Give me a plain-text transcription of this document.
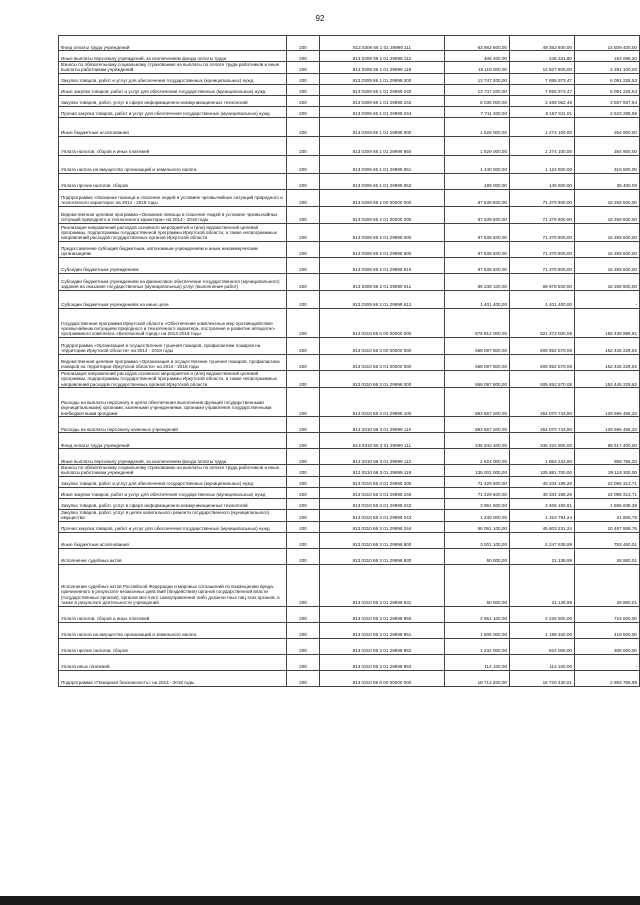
92
Фонд оплаты труда учреждений	200	813 0309 66 1 01 29999 111	63 862 600,00	49 353 600,00	14 509 400,00
Иные выплаты персоналу учреждений, за исключением фонда оплаты труда	200	813 0309 66 1 01 29999 112	408 400,00	245 331,80	163 068,20
Взносы по обязательному социальному страхованию на выплаты по оплате труда работников и иные выплаты работникам учреждений	200	813 0309 66 1 01 29999 119	19 119 000,00	14 827 900,00	4 291 100,00
Закупка товаров, работ и услуг для обеспечения государственных (муниципальных) нужд	200	813 0309 66 1 01 29999 200	13 747 200,00	7 655 973,47	6 091 226,53
Иные закупки товаров, работ и услуг для обеспечения государственных (муниципальных) нужд	200	813 0309 66 1 01 29999 240	13 747 200,00	7 655 973,47	6 091 226,53
Закупка товаров, работ, услуг в сфере информационно-коммуникационных технологий	200	813 0309 66 1 01 29999 242	6 036 000,00	2 468 062,46	3 567 937,54
Прочая закупка товаров, работ и услуг для обеспечения государственных (муниципальных) нужд	200	813 0309 66 1 01 29999 244	7 711 200,00	5 187 911,01	2 523 288,99
Иные бюджетные ассигнования	200	813 0309 66 1 01 29999 800	1 629 000,00	1 274 100,00	354 900,00
Уплата налогов, сборов и иных платежей	200	813 0309 66 1 01 29999 850	1 629 000,00	1 274 100,00	354 900,00
Уплата налога на имущество организаций и земельного налога	200	813 0309 66 1 01 29999 851	1 440 000,00	1 124 500,00	315 500,00
Уплата прочих налогов, сборов	200	813 0309 66 1 01 29999 852	189 000,00	149 600,00	39 400,00
Подпрограмма «Оказание помощи и спасение людей в условиях чрезвычайных ситуаций природного и техногенного характера» на 2014 - 2018 годы	200	813 0309 66 2 00 00000 000	87 639 500,00	71 379 900,00	16 259 600,00
Ведомственная целевая программа «Оказание помощи и спасение людей в условиях чрезвычайных ситуаций природного и техногенного характера» на 2014 - 2018 годы	200	813 0309 66 2 01 00000 000	87 639 500,00	71 379 900,00	16 259 600,00
Реализация направлений расходов основного мероприятия и (или) ведомственной целевой программы, подпрограммы государственной программы Иркутской области, а также непрограммных направлений расходов государственных органов Иркутской области	200	813 0309 66 2 01 29999 000	87 639 500,00	71 379 900,00	16 259 600,00
Предоставление субсидий бюджетным, автономным учреждениям и иным некоммерческим организациям	200	813 0309 66 2 01 29999 600	87 639 500,00	71 379 900,00	16 259 600,00
Субсидии бюджетным учреждениям	200	813 0309 66 2 01 29999 610	87 639 500,00	71 379 900,00	16 259 600,00
Субсидии бюджетным учреждениям на финансовое обеспечение государственного (муниципального) задания на оказание государственных (муниципальных) услуг (выполнение работ)	200	813 0309 66 2 01 29999 611	86 238 100,00	69 978 500,00	16 259 600,00
Субсидии бюджетным учреждениям на иные цели	200	813 0309 66 2 01 29999 612	1 401 400,00	1 401 400,00	-
Государственная программа Иркутской области «Обеспечение комплексных мер противодействия чрезвычайным ситуациям природного и техногенного характера, построение и развитие аппаратно-программного комплекса «Безопасный город» на 2014-2018 годы	200	813 0310 65 0 00 00000 000	676 812 000,00	521 373 000,09	155 438 999,91
Подпрограмма «Организация и осуществление тушения пожаров, профилактики пожаров на территории Иркутской области» на 2014 - 2018 годы	200	813 0310 66 3 00 00000 000	658 097 800,00	505 652 570,08	152 445 229,92
Ведомственная целевая программа «Организация и осуществление тушения пожаров, профилактика пожаров на территории Иркутской области» на 2014 - 2018 годы	200	813 0310 66 3 01 00000 000	658 097 800,00	505 652 570,08	152 445 229,92
Реализация направлений расходов основного мероприятия и (или) ведомственной целевой программы, подпрограммы государственной программы Иркутской области, а также непрограммных направлений расходов государственных органов Иркутской области	200	813 0310 66 3 01 29999 000	658 097 800,00	505 652 570,08	152 445 229,92
Расходы на выплаты персоналу в целях обеспечения выполнения функций государственными (муниципальными) органами, казенными учреждениями, органами управления государственными внебюджетными фондами	200	813 0310 66 3 01 29999 100	583 667 200,00	454 070 743,80	129 596 456,20
Расходы на выплаты персоналу казенных учреждений	200	813 0310 66 3 01 29999 110	583 667 200,00	454 070 743,80	129 596 456,20
Фонд оплаты труда учреждений	200	813 0310 66 3 01 29999 111	445 842 200,00	346 324 800,00	99 517 400,00
Иные выплаты персоналу учреждений, за исключением фонда оплаты труда	200	813 0310 66 3 01 29999 112	2 824 000,00	1 864 243,80	959 756,20
Взносы по обязательному социальному страхованию на выплаты по оплате труда работников и иные выплаты работникам учреждений	200	813 0310 66 3 01 29999 119	135 001 000,00	105 881 700,00	29 119 300,00
Закупка товаров, работ и услуг для обеспечения государственных (муниципальных) нужд	200	813 0310 66 3 01 29999 200	71 429 500,00	49 334 186,29	22 095 313,71
Иные закупки товаров, работ и услуг для обеспечения государственных (муниципальных) нужд	200	813 0310 66 3 01 29999 240	71 429 500,00	49 334 186,29	22 095 313,71
Закупка товаров, работ, услуг в сфере информационно-коммуникационных технологий	200	813 0310 66 3 01 29999 242	3 991 600,00	2 406 160,61	1 585 639,39
Закупка товаров, работ, услуг в целях капитального ремонта государственного (муниципального) имущества	200	813 0310 66 3 01 29999 243	1 349 000,00	1 324 794,24	21 805,76
Прочая закупка товаров, работ и услуг для обеспечения государственных (муниципальных) нужд	200	813 0310 66 3 01 29999 244	66 091 100,00	45 603 231,24	20 487 868,76
Иные бюджетные ассигнования	200	813 0310 66 3 01 29999 800	3 001 100,00	2 247 639,99	753 460,01
Исполнение судебных актов	200	813 0310 66 3 01 29999 830	50 000,00	21 139,99	28 860,01
Исполнение судебных актов Российской Федерации и мировых соглашений по возмещению вреда, причиненного в результате незаконных действий (бездействия) органов государственной власти (государственных органов), органов местного самоуправления либо должностных лиц этих органов, а также в результате деятельности учреждений	200	813 0310 66 3 01 29999 831	50 000,00	21 139,99	28 860,01
Уплата налогов, сборов и иных платежей	200	813 0310 66 3 01 29999 850	2 951 100,00	2 226 500,00	724 600,00
Уплата налога на имущество организаций и земельного налога	200	813 0310 66 3 01 29999 851	1 605 000,00	1 188 400,00	416 600,00
Уплата прочих налогов, сборов	200	813 0310 66 3 01 29999 852	1 232 000,00	924 000,00	308 000,00
Уплата иных платежей	200	813 0310 66 3 01 29999 853	114 100,00	114 100,00	-
Подпрограмма «Пожарная безопасность» на 2014 - 2018 годы	200	813 0310 66 6 00 00000 000	18 714 200,00	15 720 430,01	2 993 769,99
